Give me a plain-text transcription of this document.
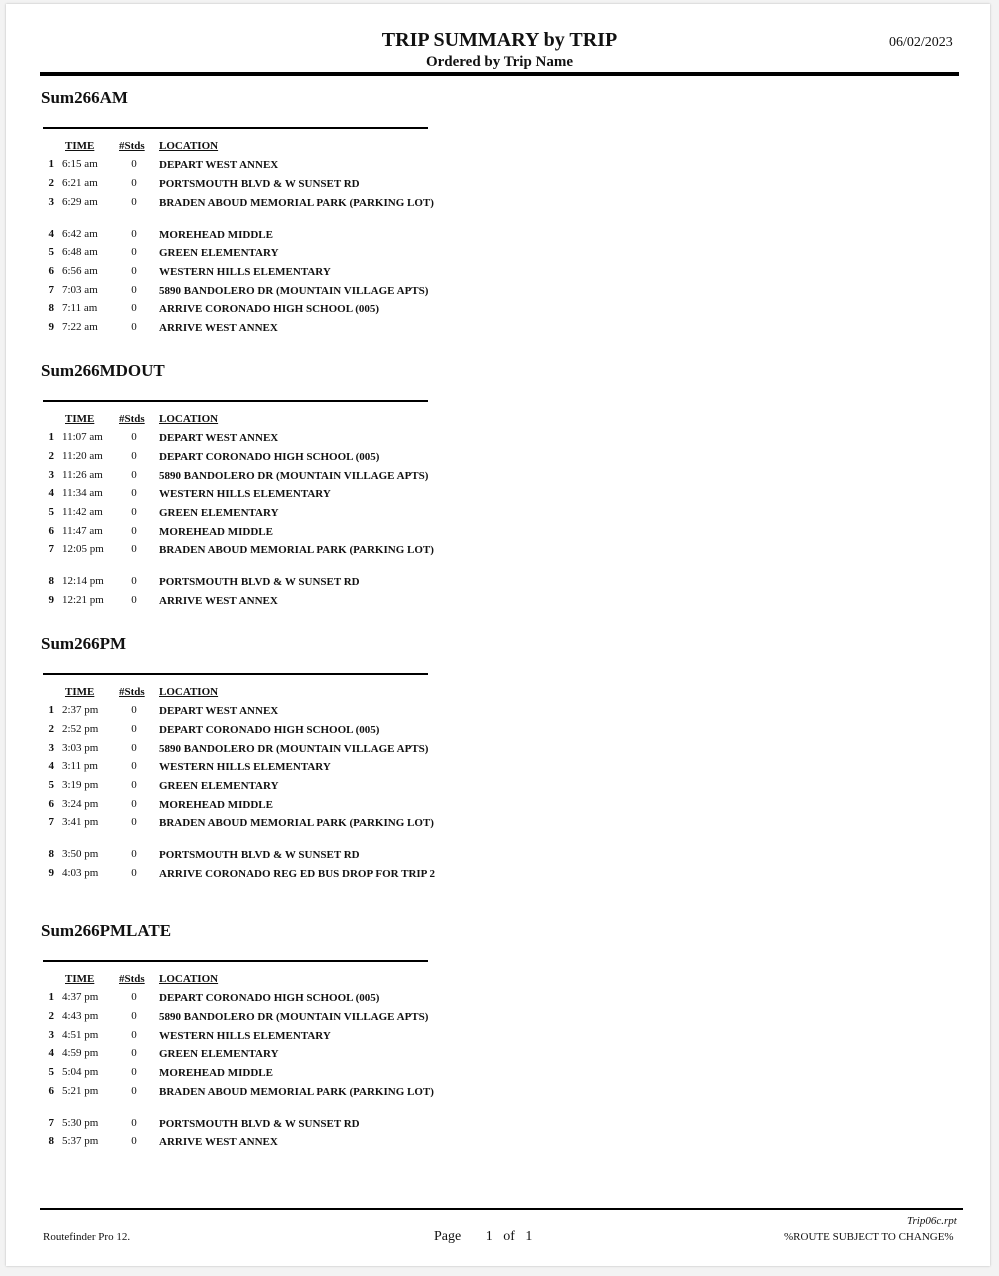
TRIP SUMMARY by TRIP
Ordered by Trip Name
06/02/2023
Sum266AM
TIME #Stds LOCATION
1 6:15 am	0 DEPART WEST ANNEX
2 6:21 am	0 PORTSMOUTH BLVD & W SUNSET RD
3 6:29 am	0 BRADEN ABOUD MEMORIAL PARK (PARKING LOT)
4 6:42 am	0 MOREHEAD MIDDLE
5 6:48 am	0 GREEN ELEMENTARY
6 6:56 am	0 WESTERN HILLS ELEMENTARY
7 7:03 am	0 5890 BANDOLERO DR (MOUNTAIN VILLAGE APTS)
8 7:11 am	0 ARRIVE CORONADO HIGH SCHOOL (005)
9 7:22 am	0 ARRIVE WEST ANNEX
Sum266MDOUT
TIME #Stds LOCATION
1 11:07 am	0 DEPART WEST ANNEX
2 11:20 am	0 DEPART CORONADO HIGH SCHOOL (005)
3 11:26 am	0 5890 BANDOLERO DR (MOUNTAIN VILLAGE APTS)
4 11:34 am	0 WESTERN HILLS ELEMENTARY
5 11:42 am	0 GREEN ELEMENTARY
6 11:47 am	0 MOREHEAD MIDDLE
7 12:05 pm 0 BRADEN ABOUD MEMORIAL PARK (PARKING LOT)
8 12:14 pm 0 PORTSMOUTH BLVD & W SUNSET RD
9 12:21 pm 0 ARRIVE WEST ANNEX
Sum266PM
TIME #Stds LOCATION
1 2:37 pm	0 DEPART WEST ANNEX
2 2:52 pm	0 DEPART CORONADO HIGH SCHOOL (005)
3 3:03 pm	0 5890 BANDOLERO DR (MOUNTAIN VILLAGE APTS)
4 3:11 pm	0 WESTERN HILLS ELEMENTARY
5 3:19 pm	0 GREEN ELEMENTARY
6 3:24 pm	0 MOREHEAD MIDDLE
7 3:41 pm	0 BRADEN ABOUD MEMORIAL PARK (PARKING LOT)
8 3:50 pm	0 PORTSMOUTH BLVD & W SUNSET RD
9 4:03 pm	0 ARRIVE CORONADO REG ED BUS DROP FOR TRIP 2
Sum266PMLATE
TIME #Stds LOCATION
1 4:37 pm	0 DEPART CORONADO HIGH SCHOOL (005)
2 4:43 pm	0 5890 BANDOLERO DR (MOUNTAIN VILLAGE APTS)
3 4:51 pm	0 WESTERN HILLS ELEMENTARY
4 4:59 pm	0 GREEN ELEMENTARY
5 5:04 pm	0 MOREHEAD MIDDLE
6 5:21 pm	0 BRADEN ABOUD MEMORIAL PARK (PARKING LOT)
7 5:30 pm	0 PORTSMOUTH BLVD & W SUNSET RD
8 5:37 pm	0 ARRIVE WEST ANNEX
Routefinder Pro 12.	Page 1 of 1
Trip06c.rpt
%ROUTE SUBJECT TO CHANGE%
